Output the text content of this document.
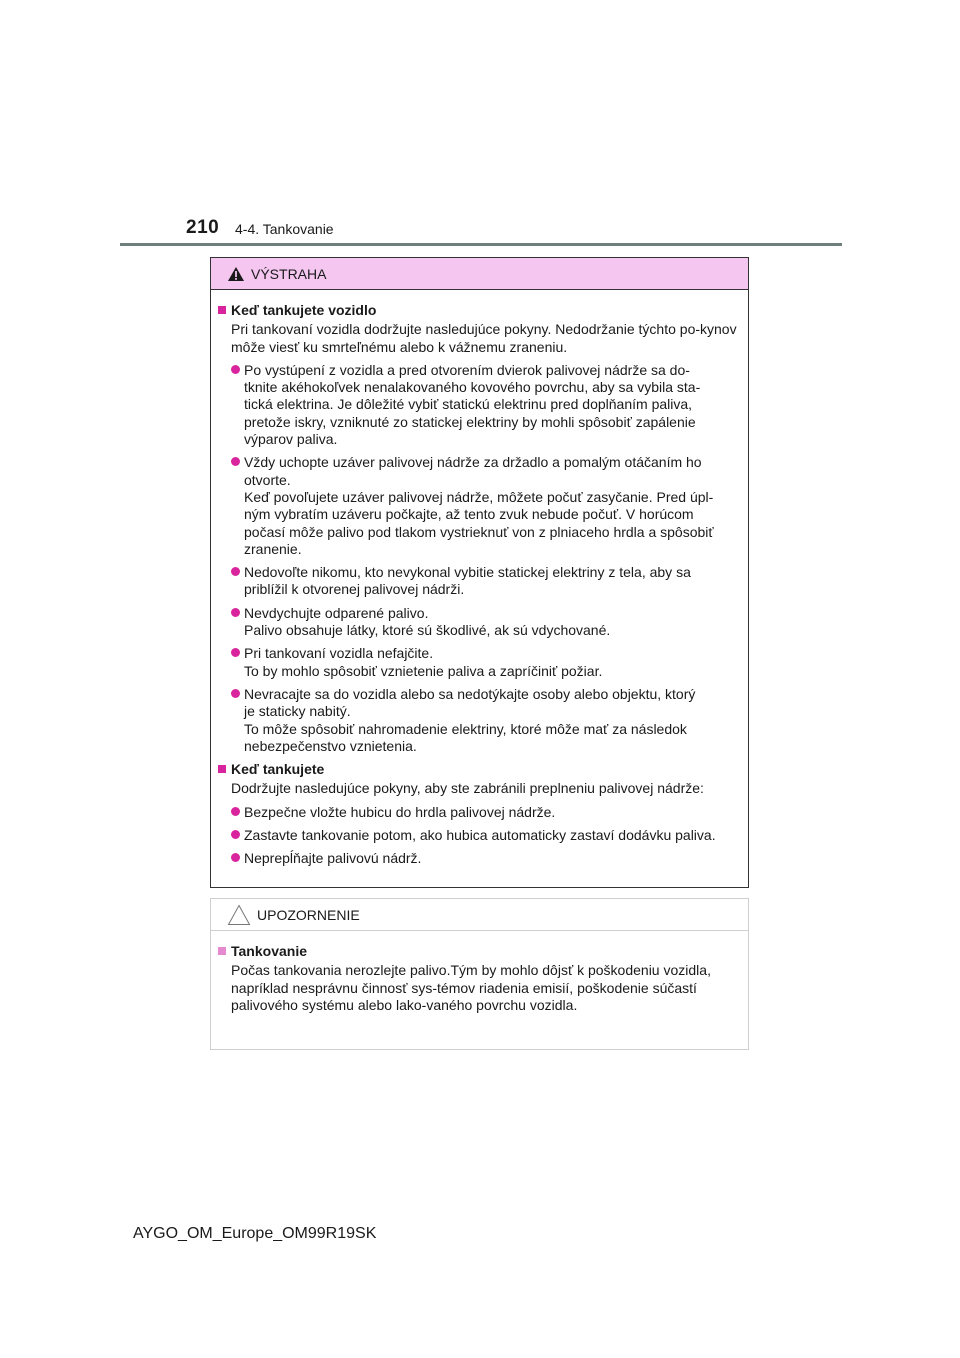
210 4-4. Tankovanie
VÝSTRAHA
Keď tankujete vozidlo
Pri tankovaní vozidla dodržujte nasledujúce pokyny. Nedodržanie týchto po-kynov môže viesť ku smrteľnému alebo k vážnemu zraneniu.
Po vystúpení z vozidla a pred otvorením dvierok palivovej nádrže sa do-
tknite akéhokoľvek nenalakovaného kovového povrchu, aby sa vybila sta-
tická elektrina. Je dôležité vybiť statickú elektrinu pred doplňaním paliva,
pretože iskry, vzniknuté zo statickej elektriny by mohli spôsobiť zapálenie
výparov paliva.
Vždy uchopte uzáver palivovej nádrže za držadlo a pomalým otáčaním ho
otvorte.
Keď povoľujete uzáver palivovej nádrže, môžete počuť zasyčanie. Pred úpl-
ným vybratím uzáveru počkajte, až tento zvuk nebude počuť. V horúcom
počasí môže palivo pod tlakom vystrieknuť von z plniaceho hrdla a spôsobiť
zranenie.
Nedovoľte nikomu, kto nevykonal vybitie statickej elektriny z tela, aby sa
priblížil k otvorenej palivovej nádrži.
Nevdychujte odparené palivo.
Palivo obsahuje látky, ktoré sú škodlivé, ak sú vdychované.
Pri tankovaní vozidla nefajčite.
To by mohlo spôsobiť vznietenie paliva a zapríčiniť požiar.
Nevracajte sa do vozidla alebo sa nedotýkajte osoby alebo objektu, ktorý
je staticky nabitý.
To môže spôsobiť nahromadenie elektriny, ktoré môže mať za následok
nebezpečenstvo vznietenia.
Keď tankujete
Dodržujte nasledujúce pokyny, aby ste zabránili preplneniu palivovej nádrže:
Bezpečne vložte hubicu do hrdla palivovej nádrže.
Zastavte tankovanie potom, ako hubica automaticky zastaví dodávku paliva.
Neprepĺňajte palivovú nádrž.
UPOZORNENIE
Tankovanie
Počas tankovania nerozlejte palivo.Tým by mohlo dôjsť k poškodeniu vozidla, napríklad nesprávnu činnosť sys-témov riadenia emisií, poškodenie súčastí palivového systému alebo lako-vaného povrchu vozidla.
AYGO_OM_Europe_OM99R19SK
